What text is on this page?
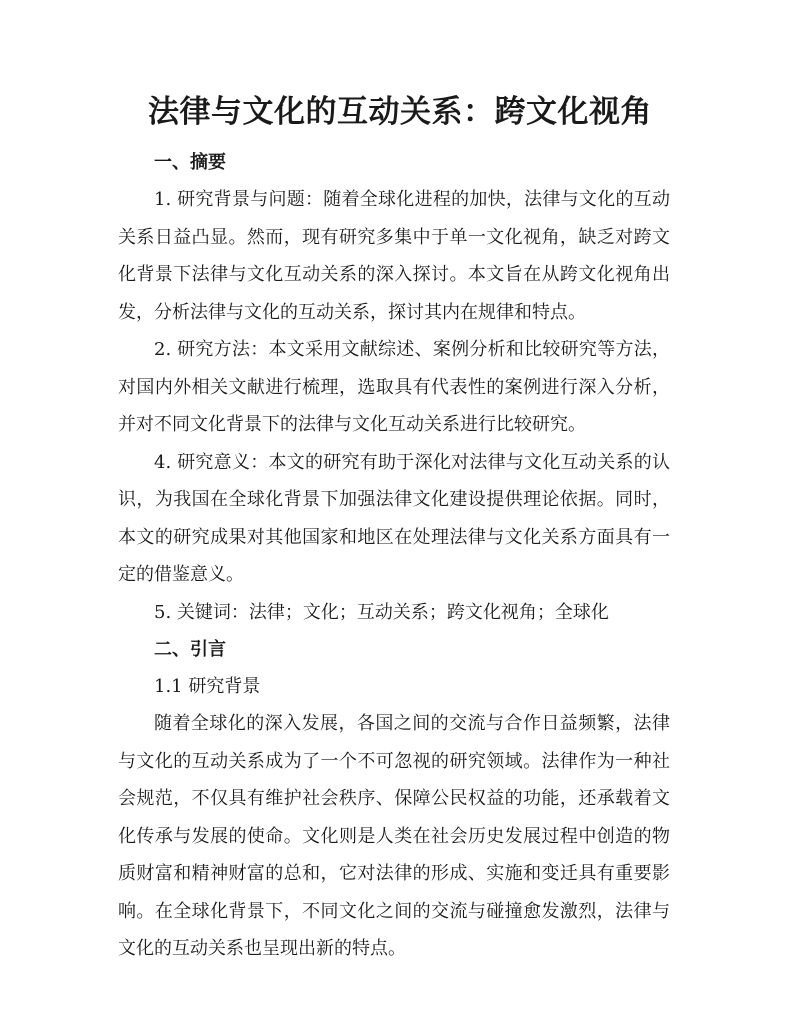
法律与文化的互动关系：跨文化视角

一、摘要

1. 研究背景与问题：随着全球化进程的加快，法律与文化的互动关系日益凸显。然而，现有研究多集中于单一文化视角，缺乏对跨文化背景下法律与文化互动关系的深入探讨。本文旨在从跨文化视角出发，分析法律与文化的互动关系，探讨其内在规律和特点。

2. 研究方法：本文采用文献综述、案例分析和比较研究等方法，对国内外相关文献进行梳理，选取具有代表性的案例进行深入分析，并对不同文化背景下的法律与文化互动关系进行比较研究。

4. 研究意义：本文的研究有助于深化对法律与文化互动关系的认识，为我国在全球化背景下加强法律文化建设提供理论依据。同时，本文的研究成果对其他国家和地区在处理法律与文化关系方面具有一定的借鉴意义。

5. 关键词：法律；文化；互动关系；跨文化视角；全球化

二、引言

1.1 研究背景

随着全球化的深入发展，各国之间的交流与合作日益频繁，法律与文化的互动关系成为了一个不可忽视的研究领域。法律作为一种社会规范，不仅具有维护社会秩序、保障公民权益的功能，还承载着文化传承与发展的使命。文化则是人类在社会历史发展过程中创造的物质财富和精神财富的总和，它对法律的形成、实施和变迁具有重要影响。在全球化背景下，不同文化之间的交流与碰撞愈发激烈，法律与文化的互动关系也呈现出新的特点。
